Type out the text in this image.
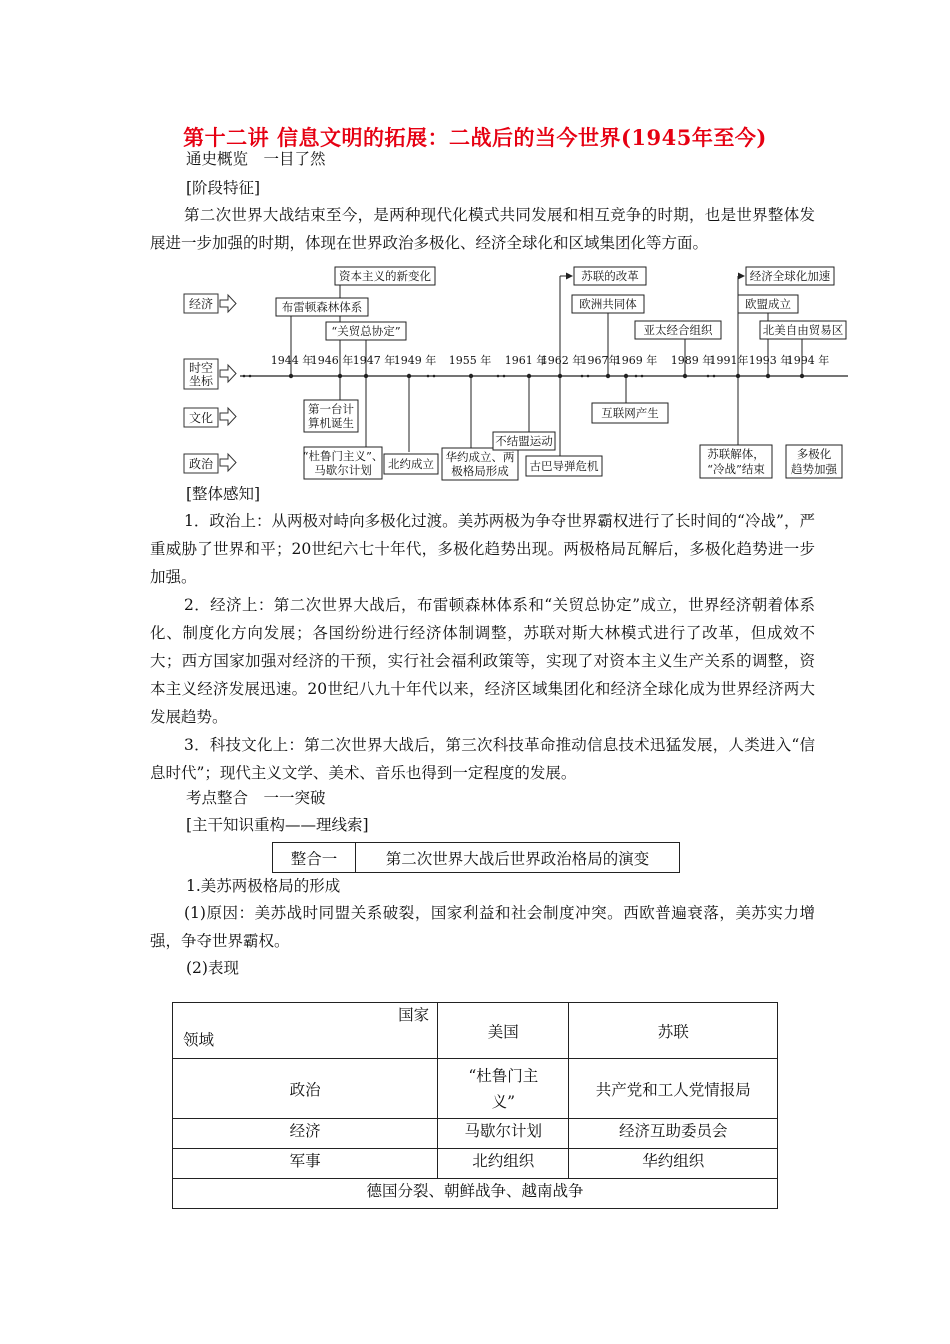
第十二讲 信息文明的拓展：二战后的当今世界(1945年至今)
通史概览　一目了然
[阶段特征]
第二次世界大战结束至今，是两种现代化模式共同发展和相互竞争的时期，也是世界整体发展进一步加强的时期，体现在世界政治多极化、经济全球化和区域集团化等方面。
经济
时空
坐标
文化
政治
1944 年
1946 年 1947 年
1949 年 1955 年 1961 年
1962 年
1967年
1969 年 1989 年
1991年 1993 年
1994 年
资本主义的新变化
布雷顿森林体系
“关贸总协定”
苏联的改革
欧洲共同体
亚太经合组织
经济全球化加速
欧盟成立
北美自由贸易区
第一台计
算机诞生
“杜鲁门主义”、
马歇尔计划 北约成立 华约成立、两
极格局形成
不结盟运动
古巴导弹危机
互联网产生
苏联解体，
“冷战”结束
多极化
趋势加强
[整体感知]
1．政治上：从两极对峙向多极化过渡。美苏两极为争夺世界霸权进行了长时间的“冷战”，严重威胁了世界和平；20世纪六七十年代，多极化趋势出现。两极格局瓦解后，多极化趋势进一步加强。
2．经济上：第二次世界大战后，布雷顿森林体系和“关贸总协定”成立，世界经济朝着体系化、制度化方向发展；各国纷纷进行经济体制调整，苏联对斯大林模式进行了改革，但成效不大；西方国家加强对经济的干预，实行社会福利政策等，实现了对资本主义生产关系的调整，资本主义经济发展迅速。20世纪八九十年代以来，经济区域集团化和经济全球化成为世界经济两大发展趋势。
3．科技文化上：第二次世界大战后，第三次科技革命推动信息技术迅猛发展，人类进入“信息时代”；现代主义文学、美术、音乐也得到一定程度的发展。
考点整合　一一突破
[主干知识重构——理线索]
整合一	第二次世界大战后世界政治格局的演变
1.美苏两极格局的形成
(1)原因：美苏战时同盟关系破裂，国家利益和社会制度冲突。西欧普遍衰落，美苏实力增强，争夺世界霸权。
(2)表现
国家
领域	美国	苏联
政治	“杜鲁门主
义”	共产党和工人党情报局
经济	马歇尔计划	经济互助委员会
军事	北约组织	华约组织
德国分裂、朝鲜战争、越南战争		
